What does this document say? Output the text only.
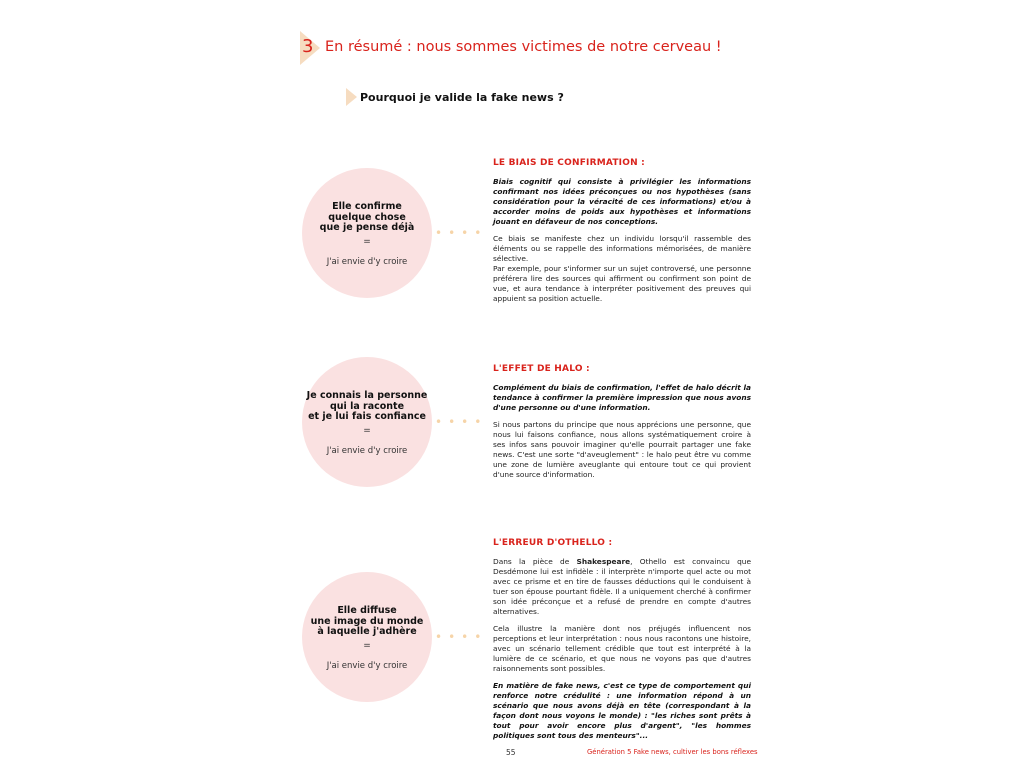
3 En résumé : nous sommes victimes de notre cerveau !
Pourquoi je valide la fake news ?
Elle confirme
quelque chose
que je pense déjà
=
J'ai envie d'y croire
••••
LE BIAIS DE CONFIRMATION :

Biais cognitif qui consiste à privilégier les informations confirmant nos idées préconçues ou nos hypothèses (sans considération pour la véracité de ces informations) et/ou à accorder moins de poids aux hypothèses et informations jouant en défaveur de nos conceptions.

Ce biais se manifeste chez un individu lorsqu'il rassemble des éléments ou se rappelle des informations mémorisées, de manière sélective.

Par exemple, pour s'informer sur un sujet controversé, une personne préférera lire des sources qui affirment ou confirment son point de vue, et aura tendance à interpréter positivement des preuves qui appuient sa position actuelle.

Je connais la personne
qui la raconte
et je lui fais confiance
=
J'ai envie d'y croire
••••
L'EFFET DE HALO :

Complément du biais de confirmation, l'effet de halo décrit la tendance à confirmer la première impression que nous avons d'une personne ou d'une information.

Si nous partons du principe que nous apprécions une personne, que nous lui faisons confiance, nous allons systématiquement croire à ses infos sans pouvoir imaginer qu'elle pourrait partager une fake news. C'est une sorte "d'aveuglement" : le halo peut être vu comme une zone de lumière aveuglante qui entoure tout ce qui provient d'une source d'information.

Elle diffuse
une image du monde
à laquelle j'adhère
=
J'ai envie d'y croire
••••
L'ERREUR D'OTHELLO :

Dans la pièce de Shakespeare, Othello est convaincu que Desdémone lui est infidèle : il interprète n'importe quel acte ou mot avec ce prisme et en tire de fausses déductions qui le conduisent à tuer son épouse pourtant fidèle. Il a uniquement cherché à confirmer son idée préconçue et a refusé de prendre en compte d'autres alternatives.

Cela illustre la manière dont nos préjugés influencent nos perceptions et leur interprétation : nous nous racontons une histoire, avec un scénario tellement crédible que tout est interprété à la lumière de ce scénario, et que nous ne voyons pas que d'autres raisonnements sont possibles.

En matière de fake news, c'est ce type de comportement qui renforce notre crédulité : une information répond à un scénario que nous avons déjà en tête (correspondant à la façon dont nous voyons le monde) : "les riches sont prêts à tout pour avoir encore plus d'argent", "les hommes politiques sont tous des menteurs"...

55	Génération 5 Fake news, cultiver les bons réflexes
